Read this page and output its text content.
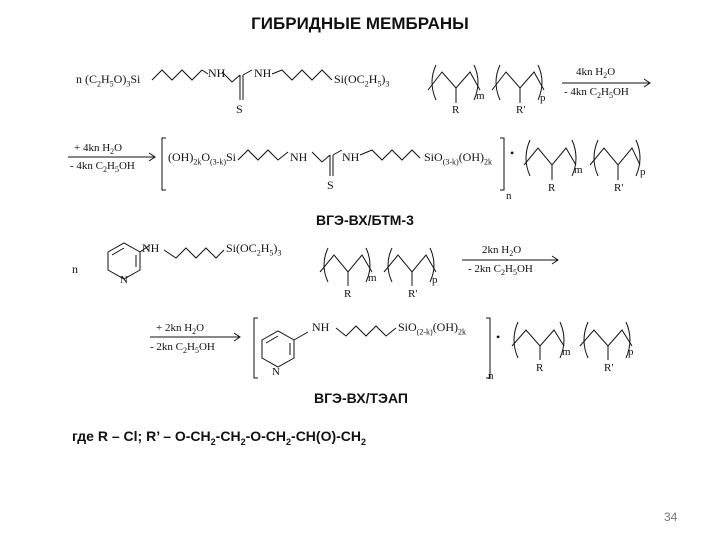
ГИБРИДНЫЕ МЕМБРАНЫ
n $(C_2H_5O)_3Si$	NH NH
S
$Si(OC_2H_5)_3$
m	p
R	R'
4kn $H_2O$
- 4kn $C_2H_5OH$
+ 4kn $H_2O$
- 4kn $C_2H_5OH$
$(OH)_{2k}O_{(3-k)}Si$	NH	NH
S
$SiO_{(3-k)}(OH)_{2k}$
n
•
m	p
R	R'
ВГЭ-ВХ/БТМ-3
n
N
NH	$Si(OC_2H_5)_3$
m	p
R	R'
2kn $H_2O$
- 2kn $C_2H_5OH$
+ 2kn $H_2O$
- 2kn $C_2H_5OH$
N
NH	$SiO_{(2-k)}(OH)_{2k}$
n
•
m	p
R	R'
ВГЭ-ВХ/ТЭАП
где R – Cl; R’ – $O-CH_2-CH_2-O-CH_2-CH(O)-CH_2$
34
